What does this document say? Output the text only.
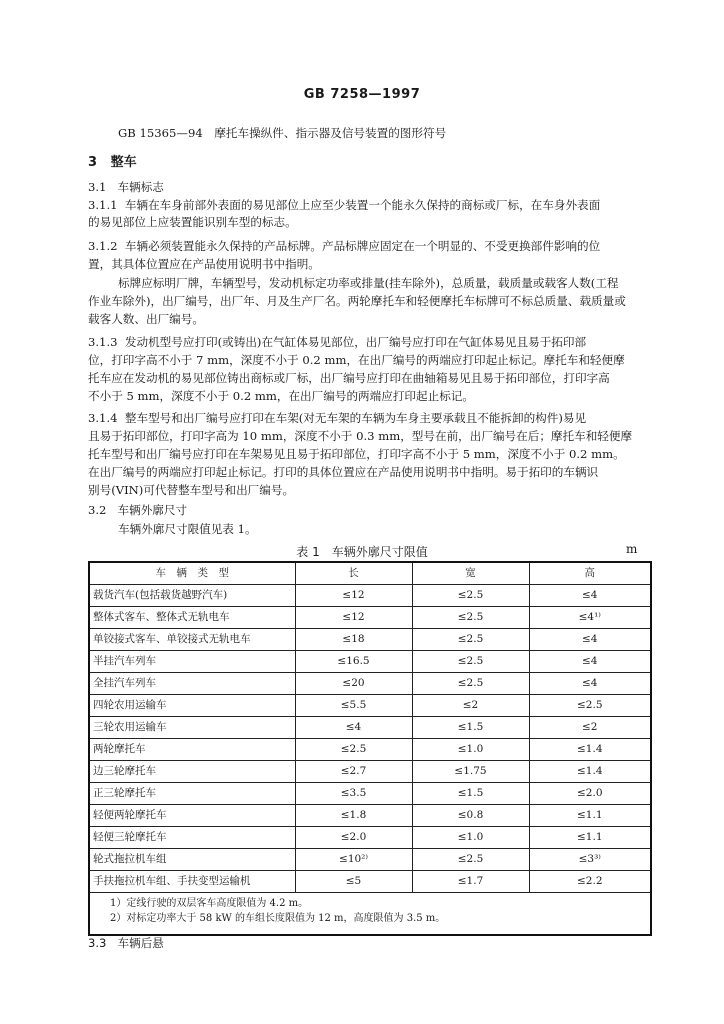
GB 7258—1997
GB 15365—94　摩托车操纵件、指示器及信号装置的图形符号
3 整车
3.1 车辆标志
3.1.1 车辆在车身前部外表面的易见部位上应至少装置一个能永久保持的商标或厂标，在车身外表面
的易见部位上应装置能识别车型的标志。
3.1.2 车辆必须装置能永久保持的产品标牌。产品标牌应固定在一个明显的、不受更换部件影响的位
置，其具体位置应在产品使用说明书中指明。
标牌应标明厂牌，车辆型号，发动机标定功率或排量(挂车除外)，总质量，载质量或载客人数(工程
作业车除外)，出厂编号，出厂年、月及生产厂名。两轮摩托车和轻便摩托车标牌可不标总质量、载质量或
载客人数、出厂编号。
3.1.3 发动机型号应打印(或铸出)在气缸体易见部位，出厂编号应打印在气缸体易见且易于拓印部
位，打印字高不小于 7 mm，深度不小于 0.2 mm，在出厂编号的两端应打印起止标记。摩托车和轻便摩
托车应在发动机的易见部位铸出商标或厂标，出厂编号应打印在曲轴箱易见且易于拓印部位，打印字高
不小于 5 mm，深度不小于 0.2 mm，在出厂编号的两端应打印起止标记。
3.1.4 整车型号和出厂编号应打印在车架(对无车架的车辆为车身主要承载且不能拆卸的构件)易见
且易于拓印部位，打印字高为 10 mm，深度不小于 0.3 mm，型号在前，出厂编号在后；摩托车和轻便摩
托车型号和出厂编号应打印在车架易见且易于拓印部位，打印字高不小于 5 mm，深度不小于 0.2 mm。
在出厂编号的两端应打印起止标记。打印的具体位置应在产品使用说明书中指明。易于拓印的车辆识
别号(VIN)可代替整车型号和出厂编号。
3.2 车辆外廓尺寸
车辆外廓尺寸限值见表 1。
表 1　车辆外廓尺寸限值	m
车　辆　类　型	长	宽	高
载货汽车(包括载货越野汽车)	≤12	≤2.5	≤4
整体式客车、整体式无轨电车	≤12	≤2.5	≤4¹⁾
单铰接式客车、单铰接式无轨电车	≤18	≤2.5	≤4
半挂汽车列车	≤16.5	≤2.5	≤4
全挂汽车列车	≤20	≤2.5	≤4
四轮农用运输车	≤5.5	≤2	≤2.5
三轮农用运输车	≤4	≤1.5	≤2
两轮摩托车	≤2.5	≤1.0	≤1.4
边三轮摩托车	≤2.7	≤1.75	≤1.4
正三轮摩托车	≤3.5	≤1.5	≤2.0
轻便两轮摩托车	≤1.8	≤0.8	≤1.1
轻便三轮摩托车	≤2.0	≤1.0	≤1.1
轮式拖拉机车组	≤10²⁾	≤2.5	≤3³⁾
手扶拖拉机车组、手扶变型运输机	≤5	≤1.7	≤2.2

1）定线行驶的双层客车高度限值为 4.2 m。
2）对标定功率大于 58 kW 的车组长度限值为 12 m，高度限值为 3.5 m。			
3.3 车辆后悬
